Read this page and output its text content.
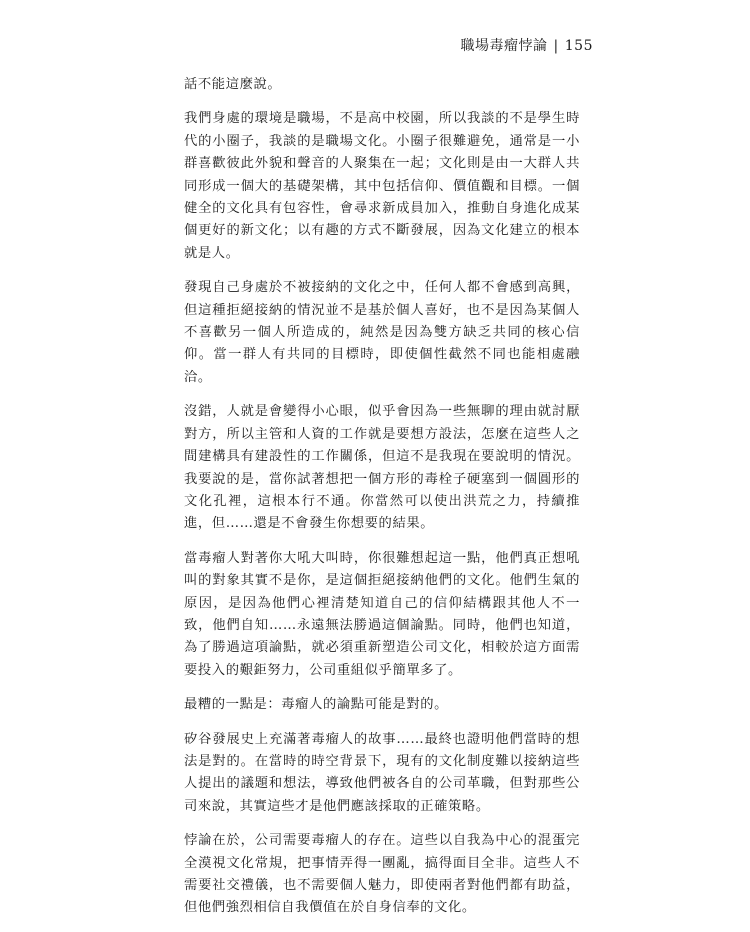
職場毒瘤悖論 | 155

話不能這麼說。

我們身處的環境是職場，不是高中校園，所以我談的不是學生時代的小圈子，我談的是職場文化。小圈子很難避免，通常是一小群喜歡彼此外貌和聲音的人聚集在一起；文化則是由一大群人共同形成一個大的基礎架構，其中包括信仰、價值觀和目標。一個健全的文化具有包容性，會尋求新成員加入，推動自身進化成某個更好的新文化；以有趣的方式不斷發展，因為文化建立的根本就是人。

發現自己身處於不被接納的文化之中，任何人都不會感到高興，但這種拒絕接納的情況並不是基於個人喜好，也不是因為某個人不喜歡另一個人所造成的，純然是因為雙方缺乏共同的核心信仰。當一群人有共同的目標時，即使個性截然不同也能相處融洽。

沒錯，人就是會變得小心眼，似乎會因為一些無聊的理由就討厭對方，所以主管和人資的工作就是要想方設法，怎麼在這些人之間建構具有建設性的工作關係，但這不是我現在要說明的情況。我要說的是，當你試著想把一個方形的毒栓子硬塞到一個圓形的文化孔裡，這根本行不通。你當然可以使出洪荒之力，持續推進，但……還是不會發生你想要的結果。

當毒瘤人對著你大吼大叫時，你很難想起這一點，他們真正想吼叫的對象其實不是你，是這個拒絕接納他們的文化。他們生氣的原因，是因為他們心裡清楚知道自己的信仰結構跟其他人不一致，他們自知……永遠無法勝過這個論點。同時，他們也知道，為了勝過這項論點，就必須重新塑造公司文化，相較於這方面需要投入的艱鉅努力，公司重組似乎簡單多了。

最糟的一點是：毒瘤人的論點可能是對的。

矽谷發展史上充滿著毒瘤人的故事……最終也證明他們當時的想法是對的。在當時的時空背景下，現有的文化制度難以接納這些人提出的議題和想法，導致他們被各自的公司革職，但對那些公司來說，其實這些才是他們應該採取的正確策略。

悖論在於，公司需要毒瘤人的存在。這些以自我為中心的混蛋完全漠視文化常規，把事情弄得一團亂，搞得面目全非。這些人不需要社交禮儀，也不需要個人魅力，即使兩者對他們都有助益，但他們強烈相信自我價值在於自身信奉的文化。
